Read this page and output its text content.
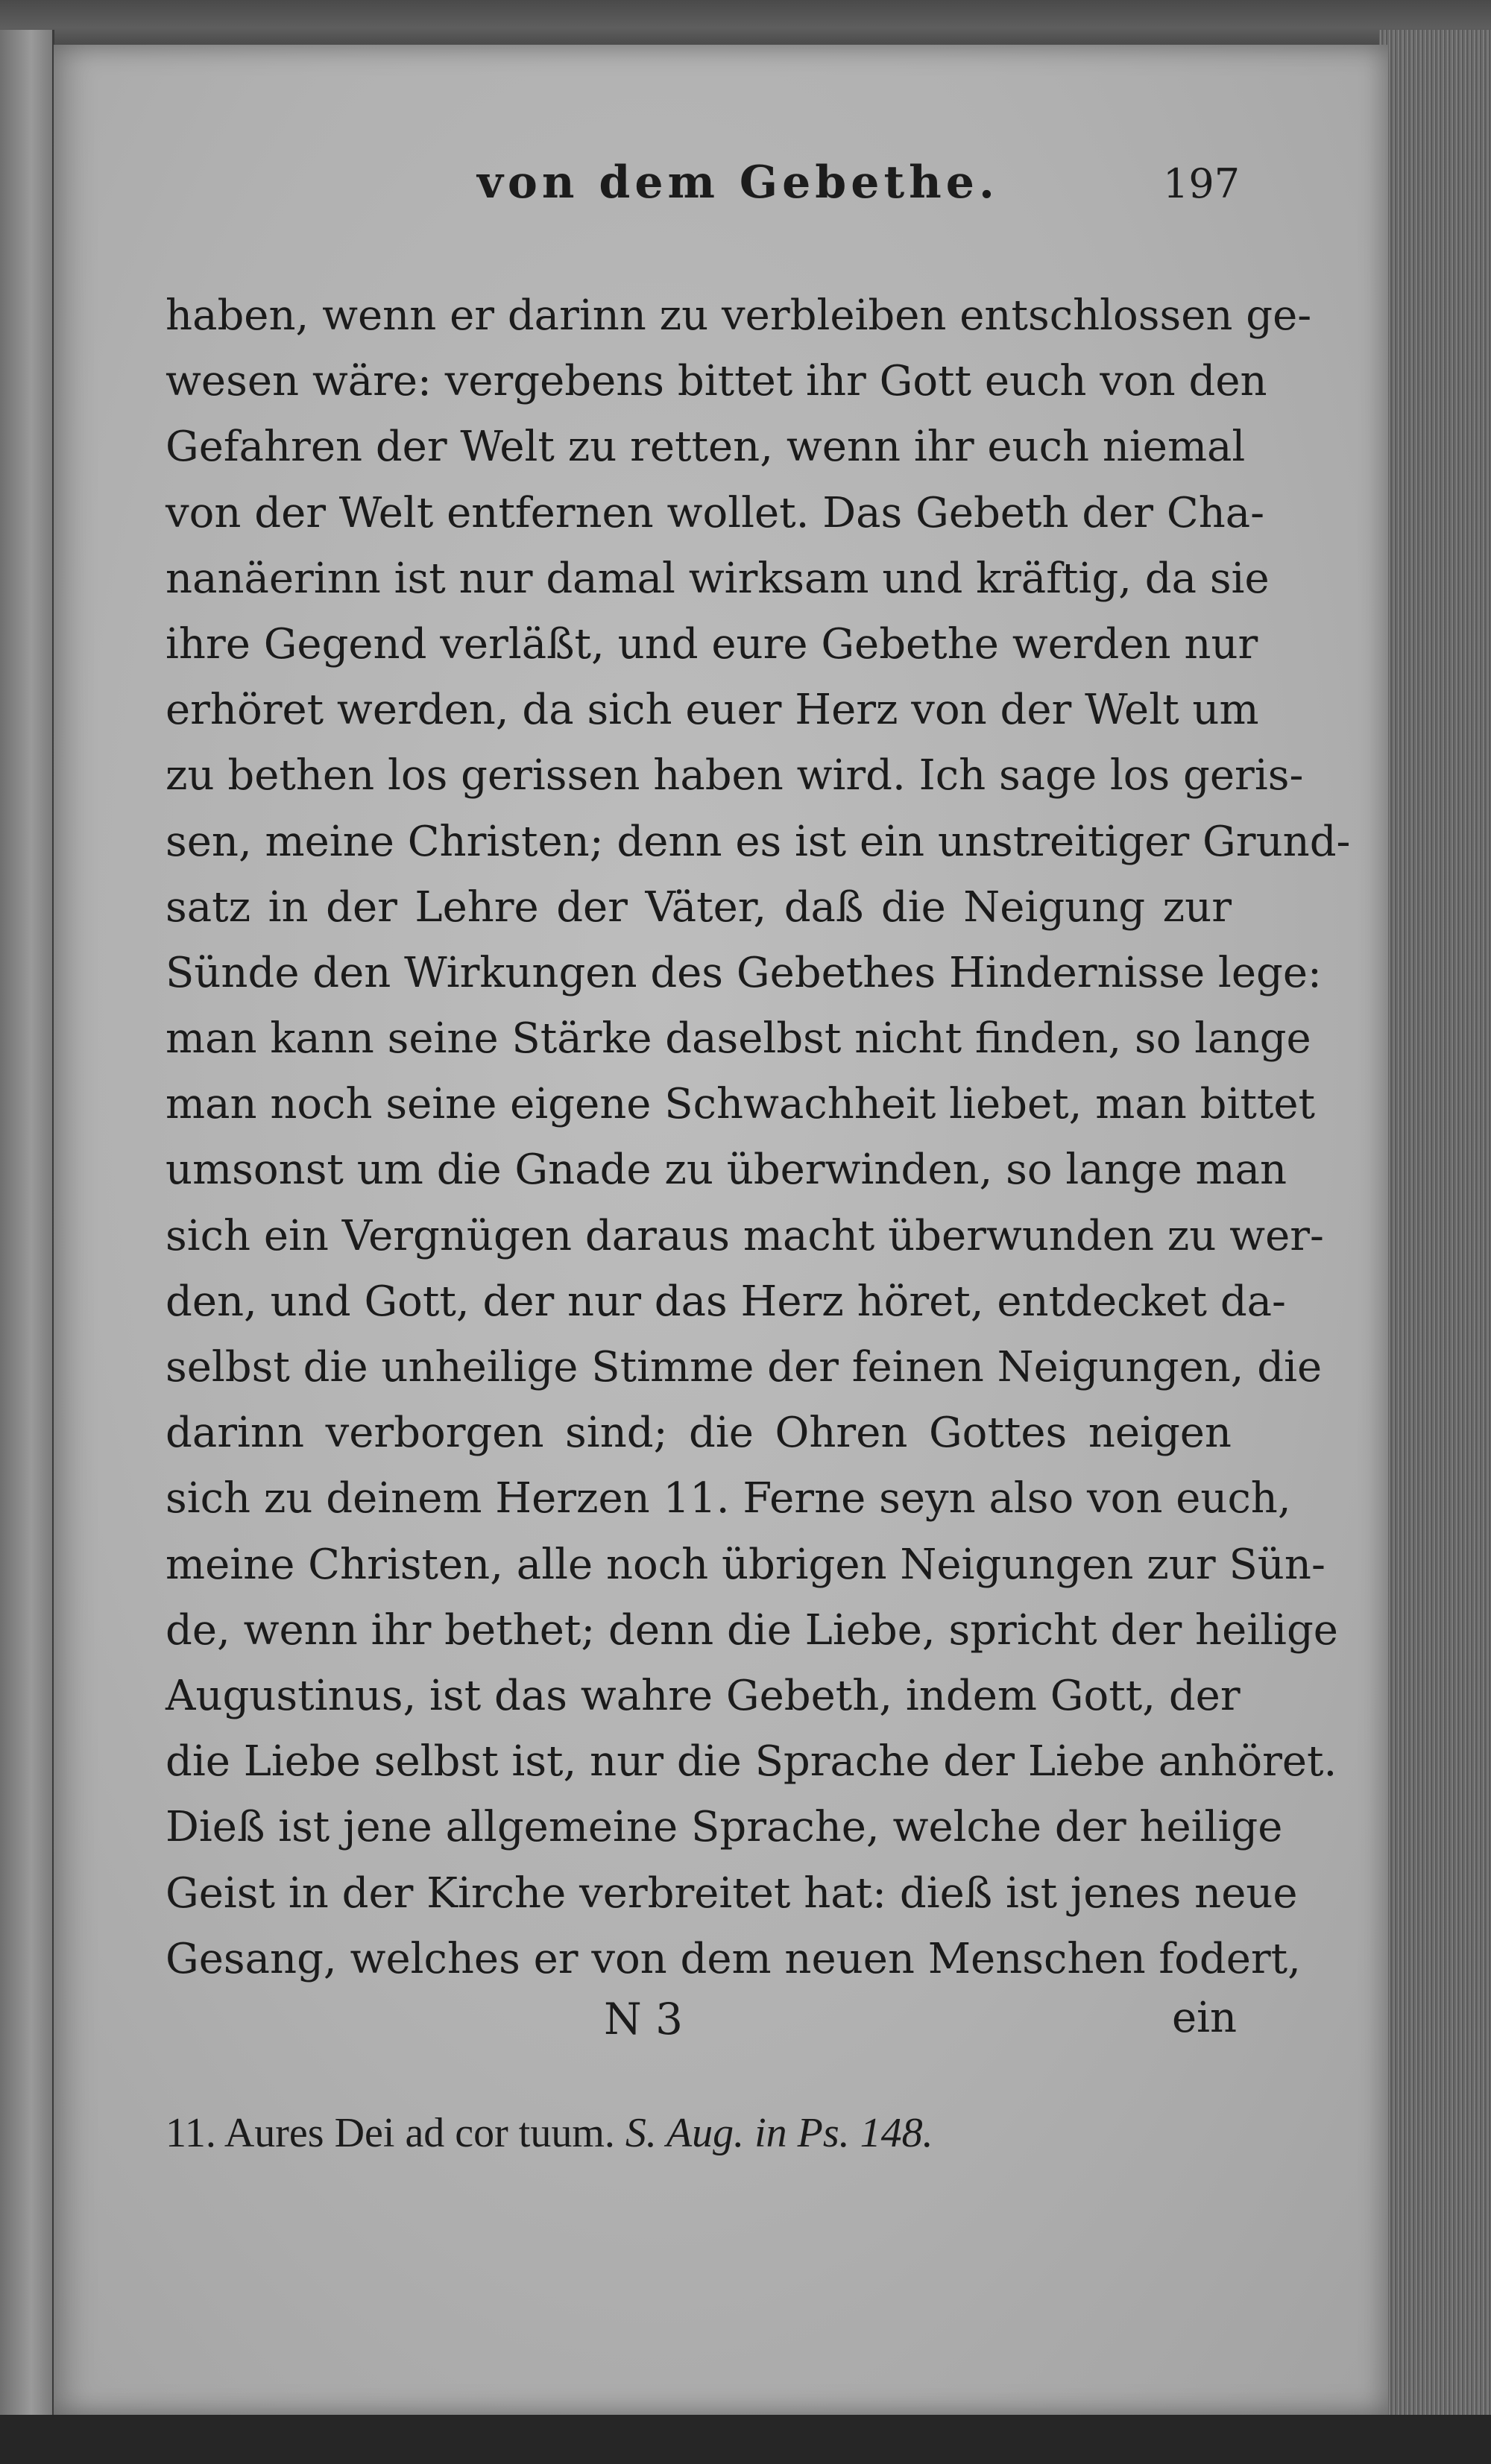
von dem Gebethe.	197
haben, wenn er darinn zu verbleiben entschlossen ge-
wesen wäre: vergebens bittet ihr Gott euch von den
Gefahren der Welt zu retten, wenn ihr euch niemal
von der Welt entfernen wollet. Das Gebeth der Cha-
nanäerinn ist nur damal wirksam und kräftig, da sie
ihre Gegend verläßt, und eure Gebethe werden nur
erhöret werden, da sich euer Herz von der Welt um
zu bethen los gerissen haben wird. Ich sage los geris-
sen, meine Christen; denn es ist ein unstreitiger Grund-
satz in der Lehre der Väter, daß die Neigung zur
Sünde den Wirkungen des Gebethes Hindernisse lege:
man kann seine Stärke daselbst nicht finden, so lange
man noch seine eigene Schwachheit liebet, man bittet
umsonst um die Gnade zu überwinden, so lange man
sich ein Vergnügen daraus macht überwunden zu wer-
den, und Gott, der nur das Herz höret, entdecket da-
selbst die unheilige Stimme der feinen Neigungen, die
darinn verborgen sind; die Ohren Gottes neigen
sich zu deinem Herzen 11. Ferne seyn also von euch,
meine Christen, alle noch übrigen Neigungen zur Sün-
de, wenn ihr bethet; denn die Liebe, spricht der heilige
Augustinus, ist das wahre Gebeth, indem Gott, der
die Liebe selbst ist, nur die Sprache der Liebe anhöret.
Dieß ist jene allgemeine Sprache, welche der heilige
Geist in der Kirche verbreitet hat: dieß ist jenes neue
Gesang, welches er von dem neuen Menschen fodert,
N 3	ein
11. Aures Dei ad cor tuum. S. Aug. in Ps. 148.
